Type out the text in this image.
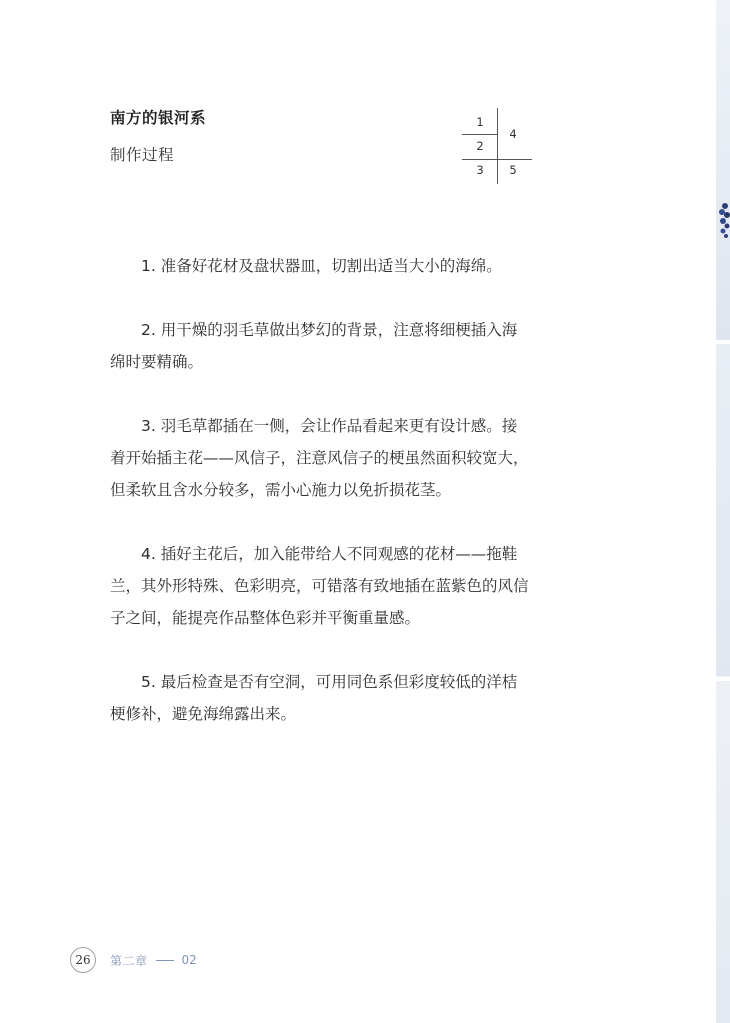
南方的银河系
制作过程
1
2
3
4
5

1. 准备好花材及盘状器皿，切割出适当大小的海绵。

2. 用干燥的羽毛草做出梦幻的背景，注意将细梗插入海绵时要精确。

3. 羽毛草都插在一侧，会让作品看起来更有设计感。接着开始插主花——风信子，注意风信子的梗虽然面积较宽大，但柔软且含水分较多，需小心施力以免折损花茎。

4. 插好主花后，加入能带给人不同观感的花材——拖鞋兰，其外形特殊、色彩明亮，可错落有致地插在蓝紫色的风信子之间，能提亮作品整体色彩并平衡重量感。

5. 最后检查是否有空洞，可用同色系但彩度较低的洋桔梗修补，避免海绵露出来。

26	第二章	02
